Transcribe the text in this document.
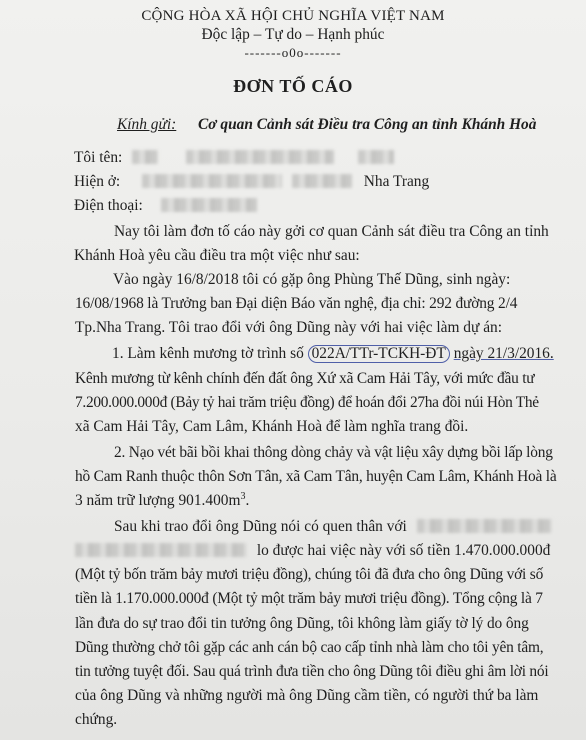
CỘNG HÒA XÃ HỘI CHỦ NGHĨA VIỆT NAM
Độc lập – Tự do – Hạnh phúc
-------o0o-------
ĐƠN TỐ CÁO
Kính gửi: Cơ quan Cảnh sát Điều tra Công an tỉnh Khánh Hoà
Tôi tên:
Hiện ở:	Nha Trang
Điện thoại:
Nay tôi làm đơn tố cáo này gởi cơ quan Cảnh sát điều tra Công an tỉnh
Khánh Hoà yêu cầu điều tra một việc như sau:
Vào ngày 16/8/2018 tôi có gặp ông Phùng Thế Dũng, sinh ngày:
16/08/1968 là Trưởng ban Đại diện Báo văn nghệ, địa chỉ: 292 đường 2/4
Tp.Nha Trang. Tôi trao đổi với ông Dũng này với hai việc làm dự án:
1. Làm kênh mương tờ trình số 022A/TTr-TCKH-ĐT ngày 21/3/2016.
Kênh mương từ kênh chính đến đất ông Xứ xã Cam Hải Tây, với mức đầu tư
7.200.000.000đ (Bảy tỷ hai trăm triệu đồng) để hoán đổi 27ha đồi núi Hòn Thẻ
xã Cam Hải Tây, Cam Lâm, Khánh Hoà để làm nghĩa trang đồi.
2. Nạo vét bãi bồi khai thông dòng chảy và vật liệu xây dựng bồi lấp lòng
hồ Cam Ranh thuộc thôn Sơn Tân, xã Cam Tân, huyện Cam Lâm, Khánh Hoà là
3 năm trữ lượng $901.400m^3$.
Sau khi trao đổi ông Dũng nói có quen thân với
lo được hai việc này với số tiền 1.470.000.000đ
(Một tỷ bốn trăm bảy mươi triệu đồng), chúng tôi đã đưa cho ông Dũng với số
tiền là 1.170.000.000đ (Một tỷ một trăm bảy mươi triệu đồng). Tổng cộng là 7
lần đưa do sự trao đổi tin tưởng ông Dũng, tôi không làm giấy tờ lý do ông
Dũng thường chở tôi gặp các anh cán bộ cao cấp tỉnh nhà làm cho tôi yên tâm,
tin tưởng tuyệt đối. Sau quá trình đưa tiền cho ông Dũng tôi điều ghi âm lời nói
của ông Dũng và những người mà ông Dũng cầm tiền, có người thứ ba làm
chứng.
